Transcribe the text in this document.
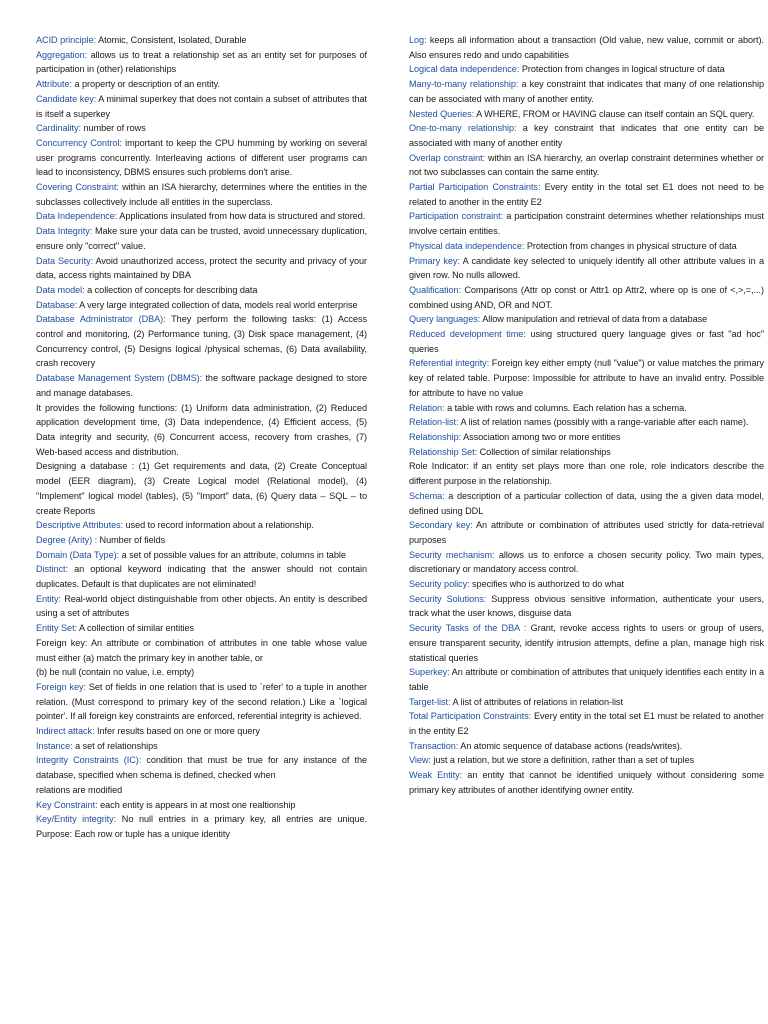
ACID principle: Atomic, Consistent, Isolated, Durable

Aggregation: allows us to treat a relationship set as an entity set for purposes of participation in (other) relationships

Attribute: a property or description of an entity.

Candidate key: A minimal superkey that does not contain a subset of attributes that is itself a superkey

Cardinality: number of rows

Concurrency Control: important to keep the CPU humming by working on several user programs concurrently. Interleaving actions of different user programs can lead to inconsistency, DBMS ensures such problems don't arise.

Covering Constraint: within an ISA hierarchy, determines where the entities in the subclasses collectively include all entities in the superclass.

Data Independence: Applications insulated from how data is structured and stored.

Data Integrity: Make sure your data can be trusted, avoid unnecessary duplication, ensure only "correct" value.

Data Security: Avoid unauthorized access, protect the security and privacy of your data, access rights maintained by DBA

Data model: a collection of concepts for describing data

Database: A very large integrated collection of data, models real world enterprise

Database Administrator (DBA): They perform the following tasks: (1) Access control and monitoring, (2) Performance tuning, (3) Disk space management, (4) Concurrency control, (5) Designs logical /physical schemas, (6) Data availability, crash recovery

Database Management System (DBMS): the software package designed to store and manage databases.

It provides the following functions: (1) Uniform data administration, (2) Reduced application development time, (3) Data independence, (4) Efficient access, (5) Data integrity and security, (6) Concurrent access, recovery from crashes, (7) Web-based access and distribution.

Designing a database : (1) Get requirements and data, (2) Create Conceptual model (EER diagram), (3) Create Logical model (Relational model), (4) "Implement" logical model (tables), (5) "Import" data, (6) Query data – SQL – to create Reports

Descriptive Attributes: used to record information about a relationship.

Degree (Arity) : Number of fields

Domain (Data Type): a set of possible values for an attribute, columns in table

Distinct: an optional keyword indicating that the answer should not contain duplicates. Default is that duplicates are not eliminated!

Entity: Real-world object distinguishable from other objects. An entity is described using a set of attributes

Entity Set: A collection of similar entities

Foreign key: An attribute or combination of attributes in one table whose value must either (a) match the primary key in another table, or

(b) be null (contain no value, i.e. empty)

Foreign key: Set of fields in one relation that is used to `refer' to a tuple in another relation. (Must correspond to primary key of the second relation.) Like a `logical pointer'. If all foreign key constraints are enforced, referential integrity is achieved.

Indirect attack: Infer results based on one or more query

Instance: a set of relationships

Integrity Constraints (IC): condition that must be true for any instance of the database, specified when schema is defined, checked when

relations are modified

Key Constraint: each entity is appears in at most one realtionship

Key/Entity integrity: No null entries in a primary key, all entries are unique. Purpose: Each row or tuple has a unique identity

Log: keeps all information about a transaction (Old value, new value, commit or abort). Also ensures redo and undo capabilities

Logical data independence: Protection from changes in logical structure of data

Many-to-many relationship: a key constraint that indicates that many of one relationship can be associated with many of another entity.

Nested Queries: A WHERE, FROM or HAVING clause can itself contain an SQL query.

One-to-many relationship: a key constraint that indicates that one entity can be associated with many of another entity

Overlap constraint: within an ISA hierarchy, an overlap constraint determines whether or not two subclasses can contain the same entity.

Partial Participation Constraints: Every entity in the total set E1 does not need to be related to another in the entity E2

Participation constraint: a participation constraint determines whether relationships must involve certain entities.

Physical data independence: Protection from changes in physical structure of data

Primary key: A candidate key selected to uniquely identify all other attribute values in a given row. No nulls allowed.

Qualification: Comparisons (Attr op const or Attr1 op Attr2, where op is one of <,>,=,...) combined using AND, OR and NOT.

Query languages: Allow manipulation and retrieval of data from a database

Reduced development time: using structured query language gives or fast "ad hoc" queries

Referential integrity: Foreign key either empty (null "value") or value matches the primary key of related table. Purpose: Impossible for attribute to have an invalid entry. Possible for attribute to have no value

Relation: a table with rows and columns. Each relation has a schema.

Relation-list: A list of relation names (possibly with a range-variable after each name).

Relationship: Association among two or more entities

Relationship Set: Collection of similar relationships

Role Indicator: if an entity set plays more than one role, role indicators describe the different purpose in the relationship.

Schema: a description of a particular collection of data, using the a given data model, defined using DDL

Secondary key: An attribute or combination of attributes used strictly for data-retrieval purposes

Security mechanism: allows us to enforce a chosen security policy. Two main types, discretionary or mandatory access control.

Security policy: specifies who is authorized to do what

Security Solutions: Suppress obvious sensitive information, authenticate your users, track what the user knows, disguise data

Security Tasks of the DBA : Grant, revoke access rights to users or group of users, ensure transparent security, identify intrusion attempts, define a plan, manage high risk statistical queries

Superkey: An attribute or combination of attributes that uniquely identifies each entity in a table

Target-list: A list of attributes of relations in relation-list

Total Participation Constraints: Every entity in the total set E1 must be related to another in the entity E2

Transaction: An atomic sequence of database actions (reads/writes).

View: just a relation, but we store a definition, rather than a set of tuples

Weak Entity: an entity that cannot be identified uniquely without considering some primary key attributes of another identifying owner entity.
